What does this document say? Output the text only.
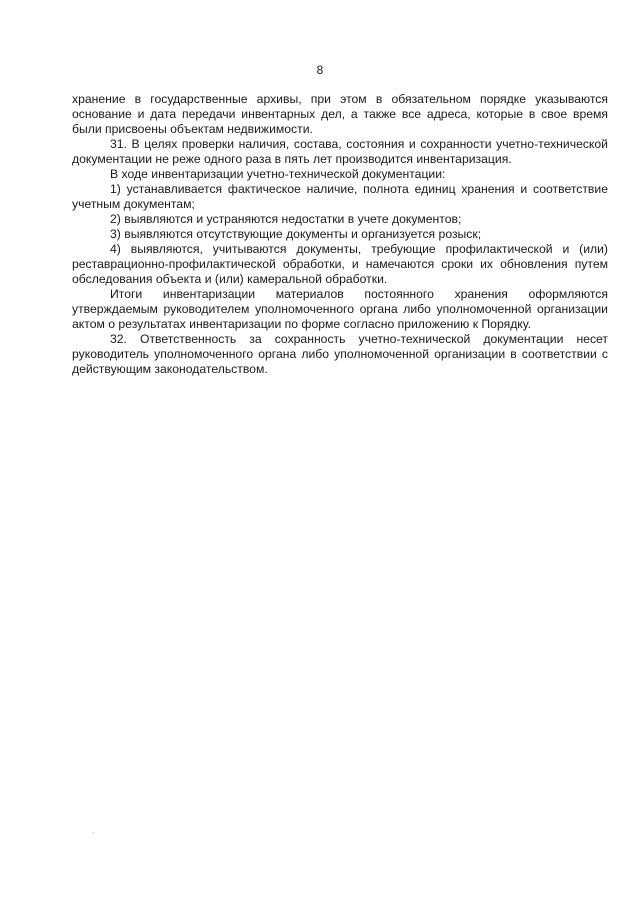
8

хранение в государственные архивы, при этом в обязательном порядке указываются основание и дата передачи инвентарных дел, а также все адреса, которые в свое время были присвоены объектам недвижимости.

31. В целях проверки наличия, состава, состояния и сохранности учетно-технической документации не реже одного раза в пять лет производится инвентаризация.

В ходе инвентаризации учетно-технической документации:

1) устанавливается фактическое наличие, полнота единиц хранения и соответствие учетным документам;

2) выявляются и устраняются недостатки в учете документов;

3) выявляются отсутствующие документы и организуется розыск;

4) выявляются, учитываются документы, требующие профилактической и (или) реставрационно-профилактической обработки, и намечаются сроки их обновления путем обследования объекта и (или) камеральной обработки.

Итоги инвентаризации материалов постоянного хранения оформляются утверждаемым руководителем уполномоченного органа либо уполномоченной организации актом о результатах инвентаризации по форме согласно приложению к Порядку.

32. Ответственность за сохранность учетно-технической документации несет руководитель уполномоченного органа либо уполномоченной организации в соответствии с действующим законодательством.
